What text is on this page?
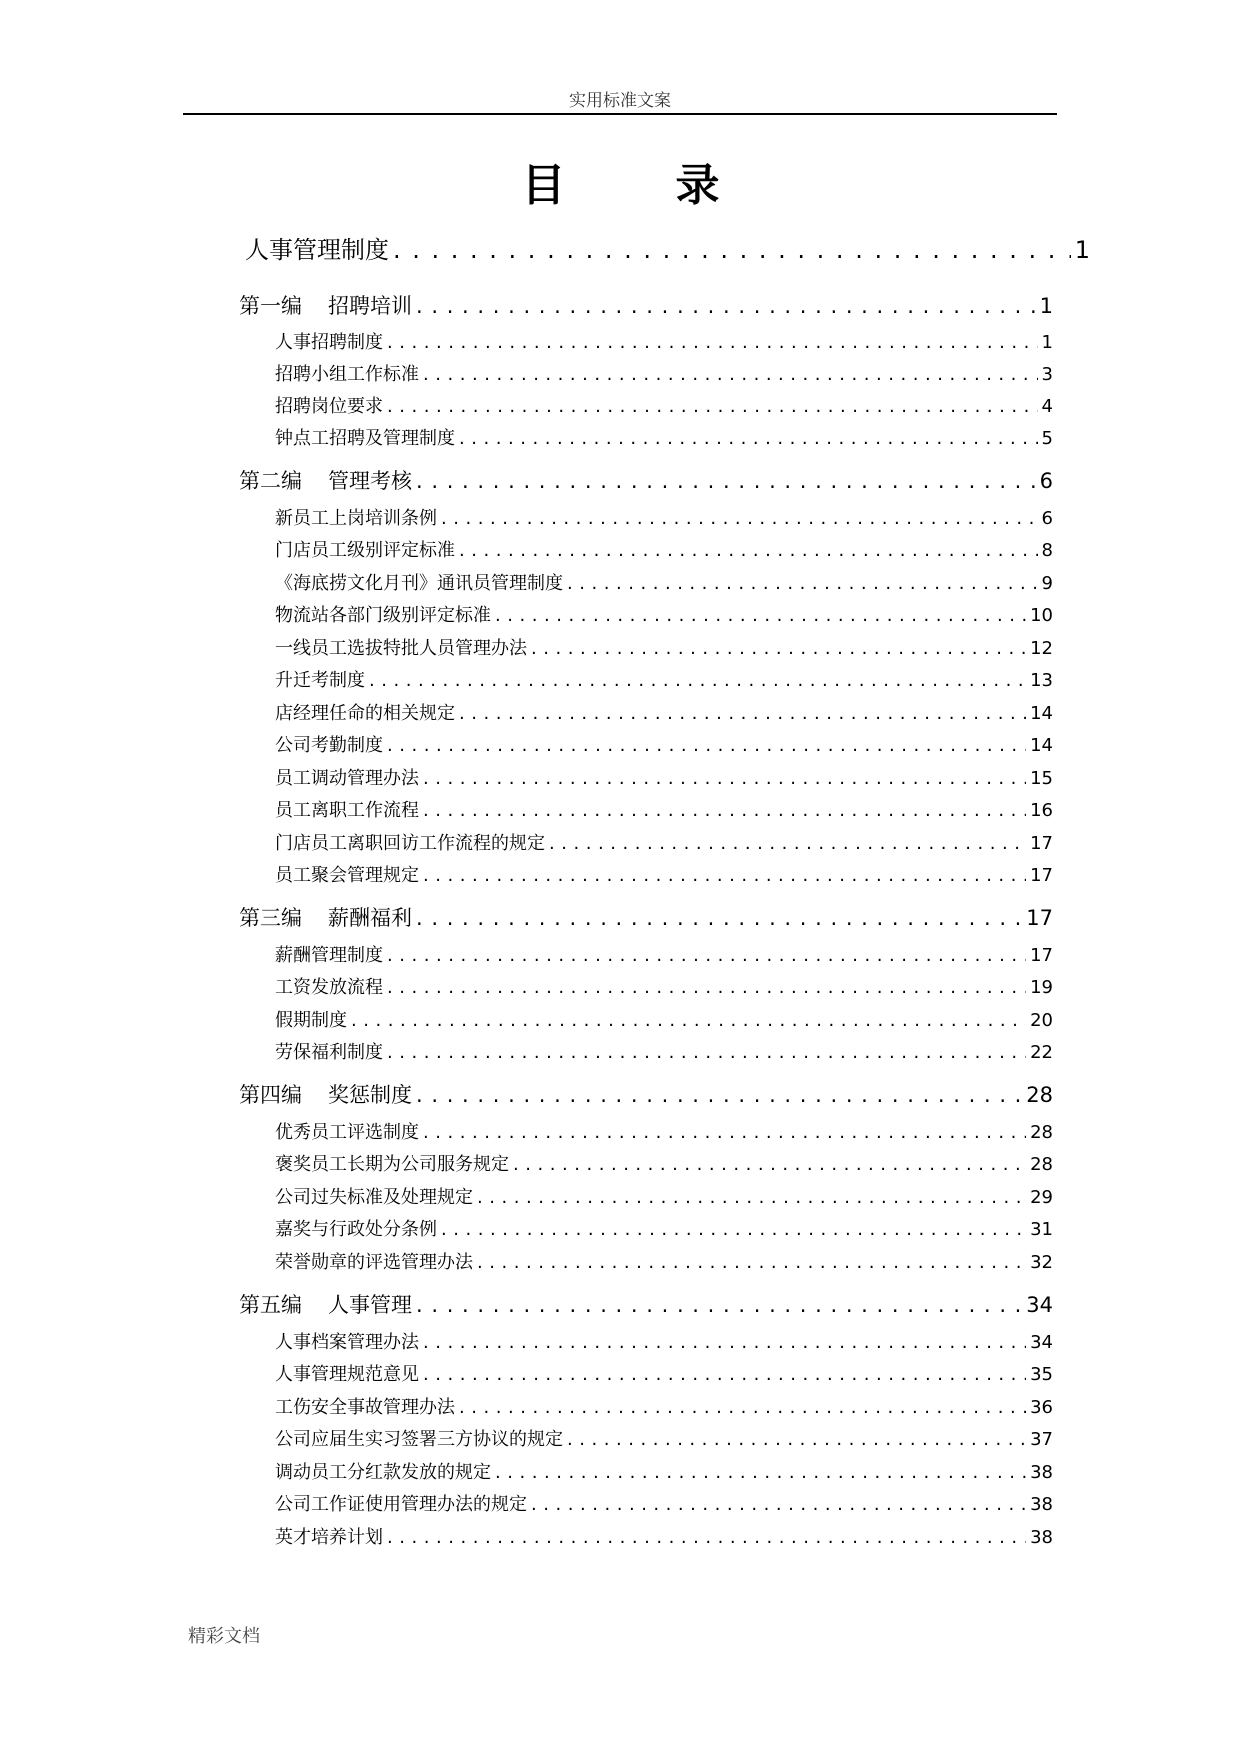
实用标准文案
目	录
人事管理制度 . . .	1
第一编 招聘培训 . . .	1
人事招聘制度 . . .	1
招聘小组工作标准 . . .	3
招聘岗位要求 . . .	4
钟点工招聘及管理制度 . . .	5
第二编 管理考核 . . .	6
新员工上岗培训条例 . . .	6
门店员工级别评定标准 . . .	8
《海底捞文化月刊》通讯员管理制度 . . .	9
物流站各部门级别评定标准 . . .	10
一线员工选拔特批人员管理办法 . . .	12
升迁考制度 . . .	13
店经理任命的相关规定 . . .	14
公司考勤制度 . . .	14
员工调动管理办法 . . .	15
员工离职工作流程 . . .	16
门店员工离职回访工作流程的规定 . . .	17
员工聚会管理规定 . . .	17
第三编 薪酬福利 . . .	17
薪酬管理制度 . . .	17
工资发放流程 . . .	19
假期制度 . . .	20
劳保福利制度 . . .	22
第四编 奖惩制度 . . .	28
优秀员工评选制度 . . .	28
褒奖员工长期为公司服务规定 . . .	28
公司过失标准及处理规定 . . .	29
嘉奖与行政处分条例 . . .	31
荣誉勋章的评选管理办法 . . .	32
第五编 人事管理 . . .	34
人事档案管理办法 . . .	34
人事管理规范意见 . . .	35
工伤安全事故管理办法 . . .	36
公司应届生实习签署三方协议的规定 . . .	37
调动员工分红款发放的规定 . . .	38
公司工作证使用管理办法的规定 . . .	38
英才培养计划 . . .	38
精彩文档
